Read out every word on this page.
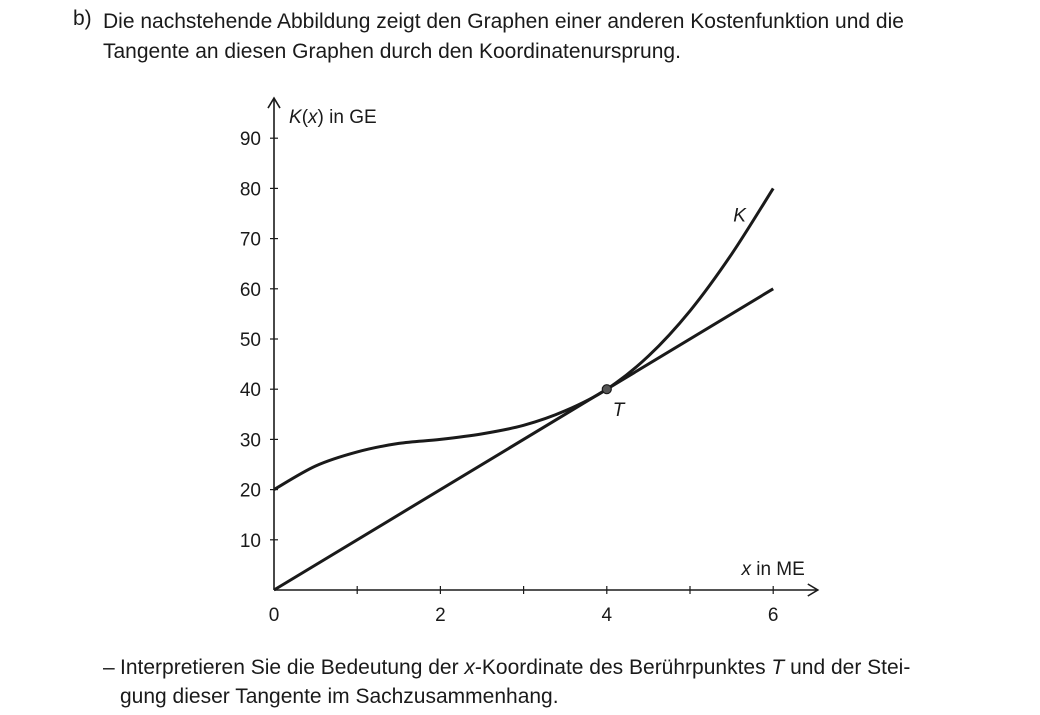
b) Die nachstehende Abbildung zeigt den Graphen einer anderen Kostenfunktion und die
Tangente an diesen Graphen durch den Koordinatenursprung.
0	2	4	6
10
20
30
40
50
60
70
80
90
T
K
K(x) in GE
x in ME
– Interpretieren Sie die Bedeutung der x-Koordinate des Berührpunktes T und der Stei-
gung dieser Tangente im Sachzusammenhang.
